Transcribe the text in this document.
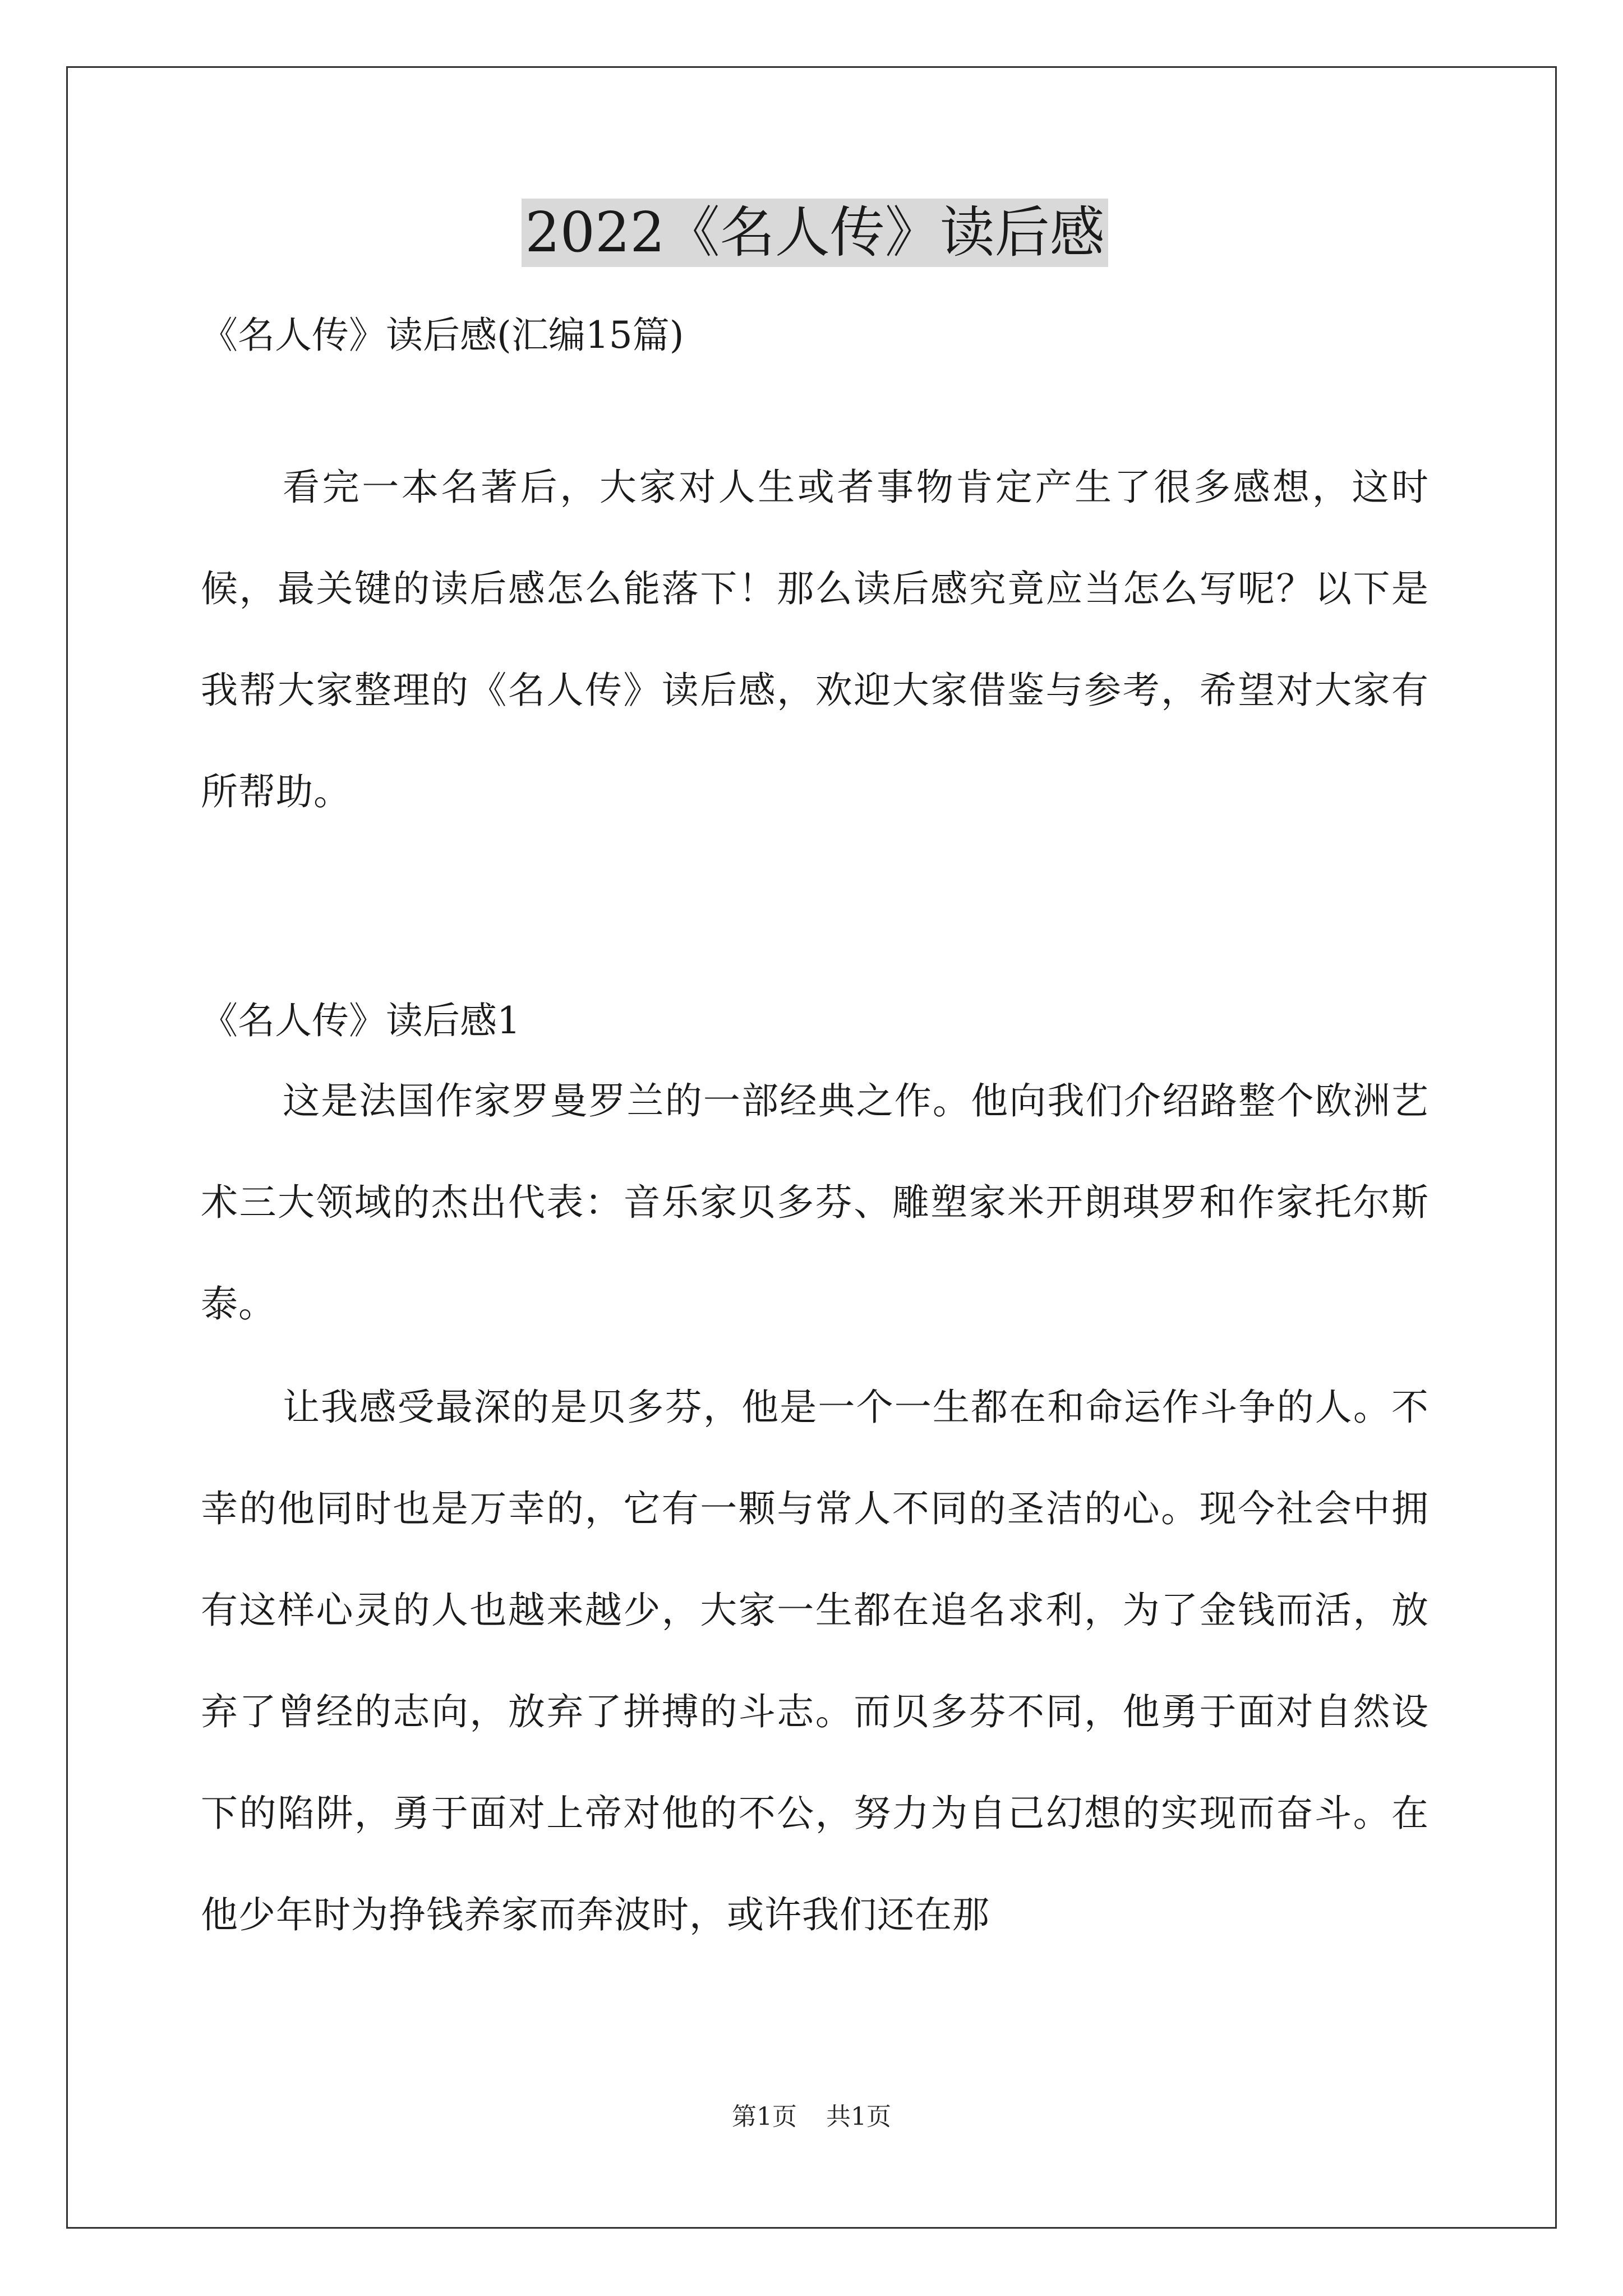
2022《名人传》读后感

《名人传》读后感(汇编15篇)

看完一本名著后，大家对人生或者事物肯定产生了很多感想，这时候，最关键的读后感怎么能落下！那么读后感究竟应当怎么写呢？以下是我帮大家整理的《名人传》读后感，欢迎大家借鉴与参考，希望对大家有所帮助。

《名人传》读后感1

这是法国作家罗曼罗兰的一部经典之作。他向我们介绍路整个欧洲艺术三大领域的杰出代表：音乐家贝多芬、雕塑家米开朗琪罗和作家托尔斯泰。

让我感受最深的是贝多芬，他是一个一生都在和命运作斗争的人。不幸的他同时也是万幸的，它有一颗与常人不同的圣洁的心。现今社会中拥有这样心灵的人也越来越少，大家一生都在追名求利，为了金钱而活，放弃了曾经的志向，放弃了拼搏的斗志。而贝多芬不同，他勇于面对自然设下的陷阱，勇于面对上帝对他的不公，努力为自己幻想的实现而奋斗。在他少年时为挣钱养家而奔波时，或许我们还在那

第1页 共1页
